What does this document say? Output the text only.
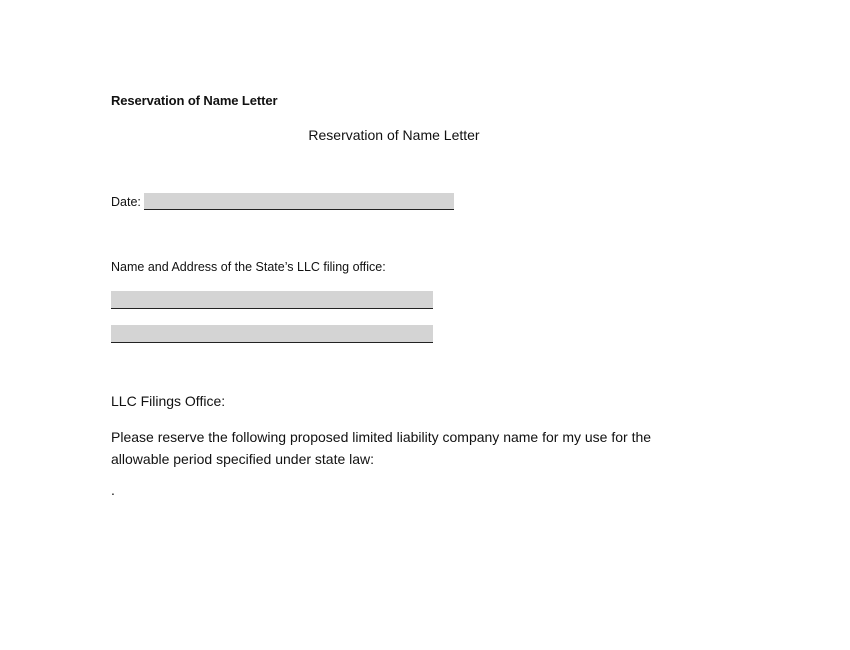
Reservation of Name Letter
Reservation of Name Letter
Date:
Name and Address of the State’s LLC filing office:
LLC Filings Office:
Please reserve the following proposed limited liability company name for my use for the allowable period specified under state law:
.
